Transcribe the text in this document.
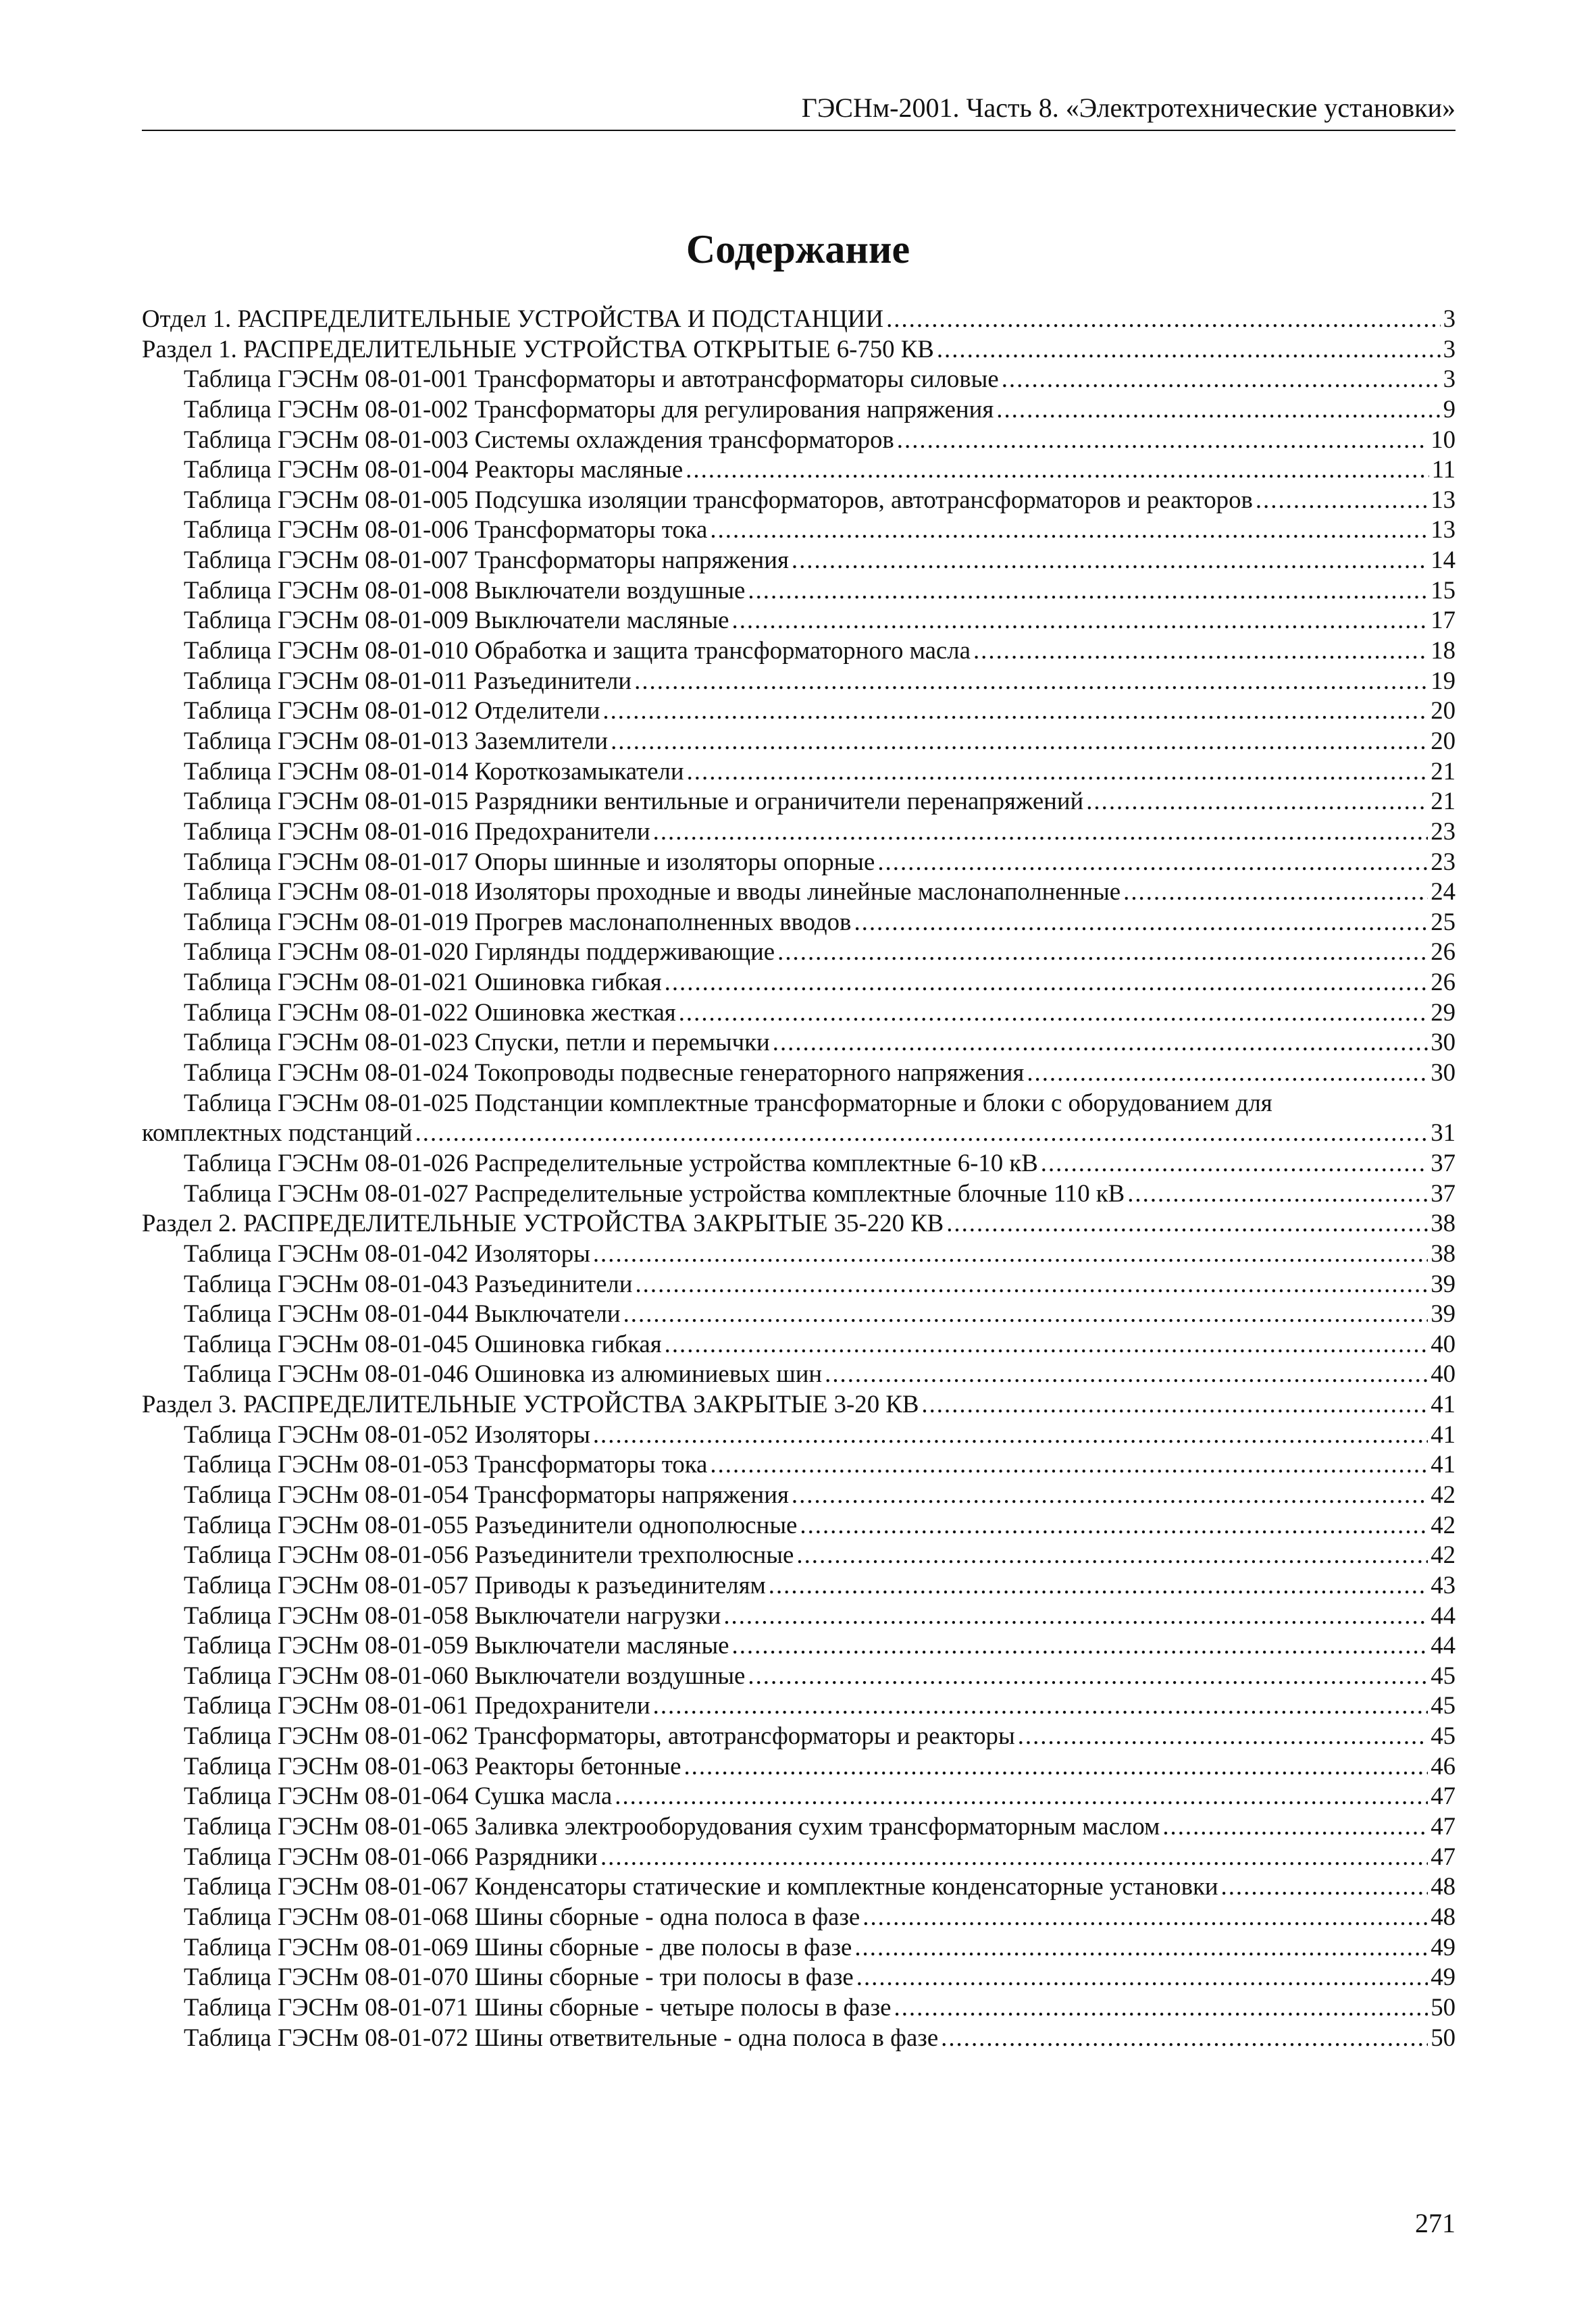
ГЭСНм-2001. Часть 8. «Электротехнические установки»
Содержание
Отдел 1. РАСПРЕДЕЛИТЕЛЬНЫЕ УСТРОЙСТВА И ПОДСТАНЦИИ .....	3
Раздел 1. РАСПРЕДЕЛИТЕЛЬНЫЕ УСТРОЙСТВА ОТКРЫТЫЕ 6-750 КВ .....	3
Таблица ГЭСНм 08-01-001 Трансформаторы и автотрансформаторы силовые .....	3
Таблица ГЭСНм 08-01-002 Трансформаторы для регулирования напряжения .....	9
Таблица ГЭСНм 08-01-003 Системы охлаждения трансформаторов .....	10
Таблица ГЭСНм 08-01-004 Реакторы масляные .....	11
Таблица ГЭСНм 08-01-005 Подсушка изоляции трансформаторов, автотрансформаторов и реакторов .....	13
Таблица ГЭСНм 08-01-006 Трансформаторы тока .....	13
Таблица ГЭСНм 08-01-007 Трансформаторы напряжения .....	14
Таблица ГЭСНм 08-01-008 Выключатели воздушные .....	15
Таблица ГЭСНм 08-01-009 Выключатели масляные .....	17
Таблица ГЭСНм 08-01-010 Обработка и защита трансформаторного масла .....	18
Таблица ГЭСНм 08-01-011 Разъединители .....	19
Таблица ГЭСНм 08-01-012 Отделители .....	20
Таблица ГЭСНм 08-01-013 Заземлители .....	20
Таблица ГЭСНм 08-01-014 Короткозамыкатели .....	21
Таблица ГЭСНм 08-01-015 Разрядники вентильные и ограничители перенапряжений .....	21
Таблица ГЭСНм 08-01-016 Предохранители .....	23
Таблица ГЭСНм 08-01-017 Опоры шинные и изоляторы опорные .....	23
Таблица ГЭСНм 08-01-018 Изоляторы проходные и вводы линейные маслонаполненные .....	24
Таблица ГЭСНм 08-01-019 Прогрев маслонаполненных вводов .....	25
Таблица ГЭСНм 08-01-020 Гирлянды поддерживающие .....	26
Таблица ГЭСНм 08-01-021 Ошиновка гибкая .....	26
Таблица ГЭСНм 08-01-022 Ошиновка жесткая .....	29
Таблица ГЭСНм 08-01-023 Спуски, петли и перемычки .....	30
Таблица ГЭСНм 08-01-024 Токопроводы подвесные генераторного напряжения .....	30
Таблица ГЭСНм 08-01-025 Подстанции комплектные трансформаторные и блоки с оборудованием для
комплектных подстанций .....	31
Таблица ГЭСНм 08-01-026 Распределительные устройства комплектные 6-10 кВ .....	37
Таблица ГЭСНм 08-01-027 Распределительные устройства комплектные блочные 110 кВ .....	37
Раздел 2. РАСПРЕДЕЛИТЕЛЬНЫЕ УСТРОЙСТВА ЗАКРЫТЫЕ 35-220 КВ .....	38
Таблица ГЭСНм 08-01-042 Изоляторы .....	38
Таблица ГЭСНм 08-01-043 Разъединители .....	39
Таблица ГЭСНм 08-01-044 Выключатели .....	39
Таблица ГЭСНм 08-01-045 Ошиновка гибкая .....	40
Таблица ГЭСНм 08-01-046 Ошиновка из алюминиевых шин .....	40
Раздел 3. РАСПРЕДЕЛИТЕЛЬНЫЕ УСТРОЙСТВА ЗАКРЫТЫЕ 3-20 КВ .....	41
Таблица ГЭСНм 08-01-052 Изоляторы .....	41
Таблица ГЭСНм 08-01-053 Трансформаторы тока .....	41
Таблица ГЭСНм 08-01-054 Трансформаторы напряжения .....	42
Таблица ГЭСНм 08-01-055 Разъединители однополюсные .....	42
Таблица ГЭСНм 08-01-056 Разъединители трехполюсные .....	42
Таблица ГЭСНм 08-01-057 Приводы к разъединителям .....	43
Таблица ГЭСНм 08-01-058 Выключатели нагрузки .....	44
Таблица ГЭСНм 08-01-059 Выключатели масляные .....	44
Таблица ГЭСНм 08-01-060 Выключатели воздушные .....	45
Таблица ГЭСНм 08-01-061 Предохранители .....	45
Таблица ГЭСНм 08-01-062 Трансформаторы, автотрансформаторы и реакторы .....	45
Таблица ГЭСНм 08-01-063 Реакторы бетонные .....	46
Таблица ГЭСНм 08-01-064 Сушка масла .....	47
Таблица ГЭСНм 08-01-065 Заливка электрооборудования сухим трансформаторным маслом .....	47
Таблица ГЭСНм 08-01-066 Разрядники .....	47
Таблица ГЭСНм 08-01-067 Конденсаторы статические и комплектные конденсаторные установки .....	48
Таблица ГЭСНм 08-01-068 Шины сборные - одна полоса в фазе .....	48
Таблица ГЭСНм 08-01-069 Шины сборные - две полосы в фазе .....	49
Таблица ГЭСНм 08-01-070 Шины сборные - три полосы в фазе .....	49
Таблица ГЭСНм 08-01-071 Шины сборные - четыре полосы в фазе .....	50
Таблица ГЭСНм 08-01-072 Шины ответвительные - одна полоса в фазе .....	50
271
